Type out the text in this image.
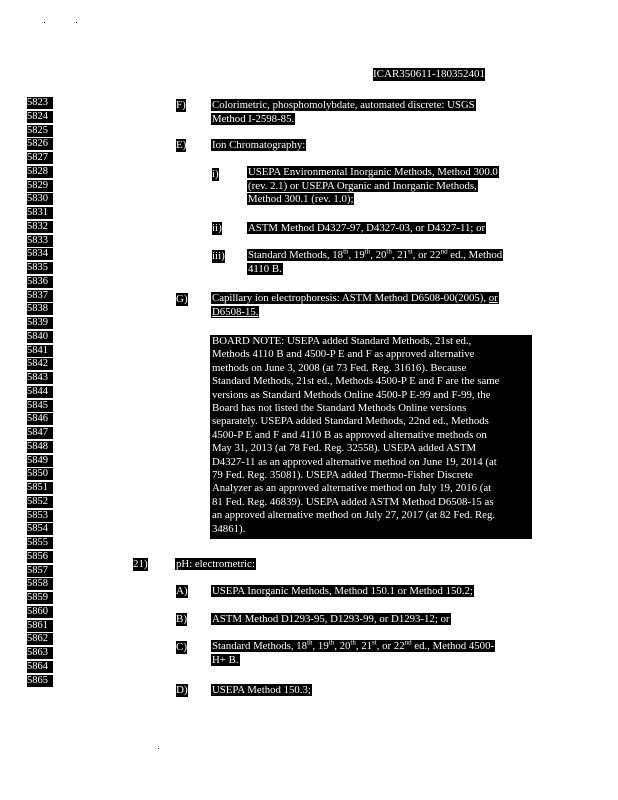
ICAR350611-180352401
5823
5824
5825
5826
5827
5828
5829
5830
5831
5832
5833
5834
5835
5836
5837
5838
5839
5840
5841
5842
5843
5844
5845
5846
5847
5848
5849
5850
5851
5852
5853
5854
5855
5856
5857
5858
5859
5860
5861
5862
5863
5864
5865
F) Colorimetric, phosphomolybdate, automated discrete: USGS
Method I-2598-85.
E) Ion Chromatography:
i)	USEPA Environmental Inorganic Methods, Method 300.0
(rev. 2.1) or USEPA Organic and Inorganic Methods,
Method 300.1 (rev. 1.0);
ii) ASTM Method D4327-97, D4327-03, or D4327-11; or
iii) Standard Methods, 18th, 19th, 20th, 21st, or 22nd ed., Method
4110 B.
G) Capillary ion electrophoresis: ASTM Method D6508-00(2005), or
D6508-15.
BOARD NOTE: USEPA added Standard Methods, 21st ed.,
Methods 4110 B and 4500-P E and F as approved alternative
methods on June 3, 2008 (at 73 Fed. Reg. 31616). Because
Standard Methods, 21st ed., Methods 4500-P E and F are the same
versions as Standard Methods Online 4500-P E-99 and F-99, the
Board has not listed the Standard Methods Online versions
separately. USEPA added Standard Methods, 22nd ed., Methods
4500-P E and F and 4110 B as approved alternative methods on
May 31, 2013 (at 78 Fed. Reg. 32558). USEPA added ASTM
D4327-11 as an approved alternative method on June 19, 2014 (at
79 Fed. Reg. 35081). USEPA added Thermo-Fisher Discrete
Analyzer as an approved alternative method on July 19, 2016 (at
81 Fed. Reg. 46839). USEPA added ASTM Method D6508-15 as
an approved alternative method on July 27, 2017 (at 82 Fed. Reg.
34861).
21)	pH: electrometric:
A) USEPA Inorganic Methods, Method 150.1 or Method 150.2;
B) ASTM Method D1293-95, D1293-99, or D1293-12; or
C) Standard Methods, 18th, 19th, 20th, 21st, or 22nd ed., Method 4500-
H+ B.
D) USEPA Method 150.3;
